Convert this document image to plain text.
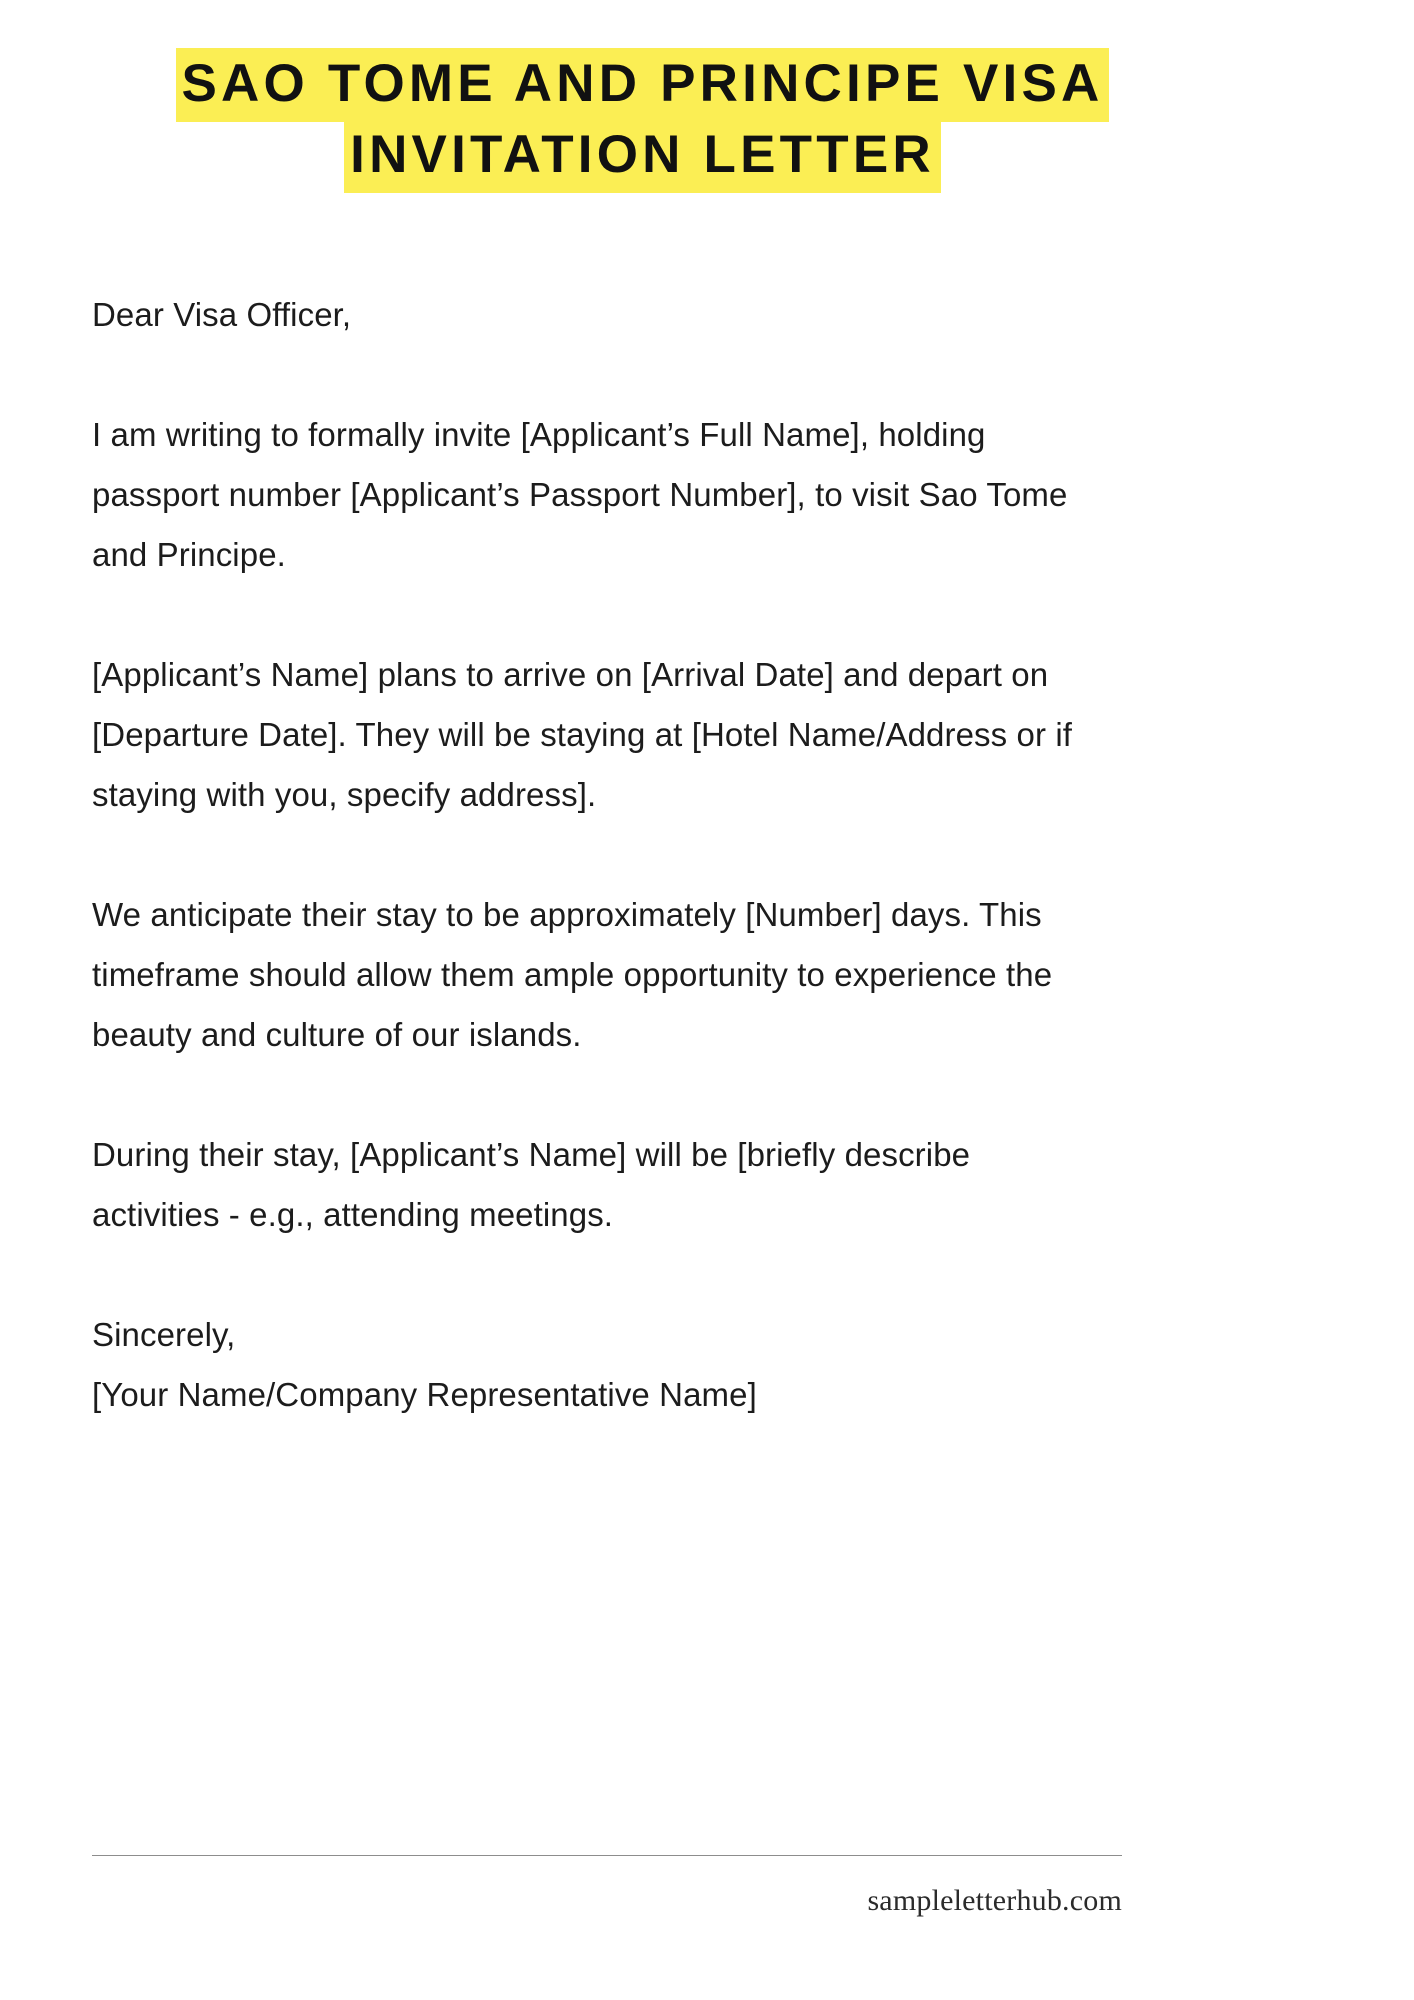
SAO TOME AND PRINCIPE VISA INVITATION LETTER

Dear Visa Officer,

I am writing to formally invite [Applicant’s Full Name], holding passport number [Applicant’s Passport Number], to visit Sao Tome and Principe.

[Applicant’s Name] plans to arrive on [Arrival Date] and depart on [Departure Date]. They will be staying at [Hotel Name/Address or if staying with you, specify address].

We anticipate their stay to be approximately [Number] days. This timeframe should allow them ample opportunity to experience the beauty and culture of our islands.

During their stay, [Applicant’s Name] will be [briefly describe activities - e.g., attending meetings.

Sincerely,

[Your Name/Company Representative Name]

sampleletterhub.com
